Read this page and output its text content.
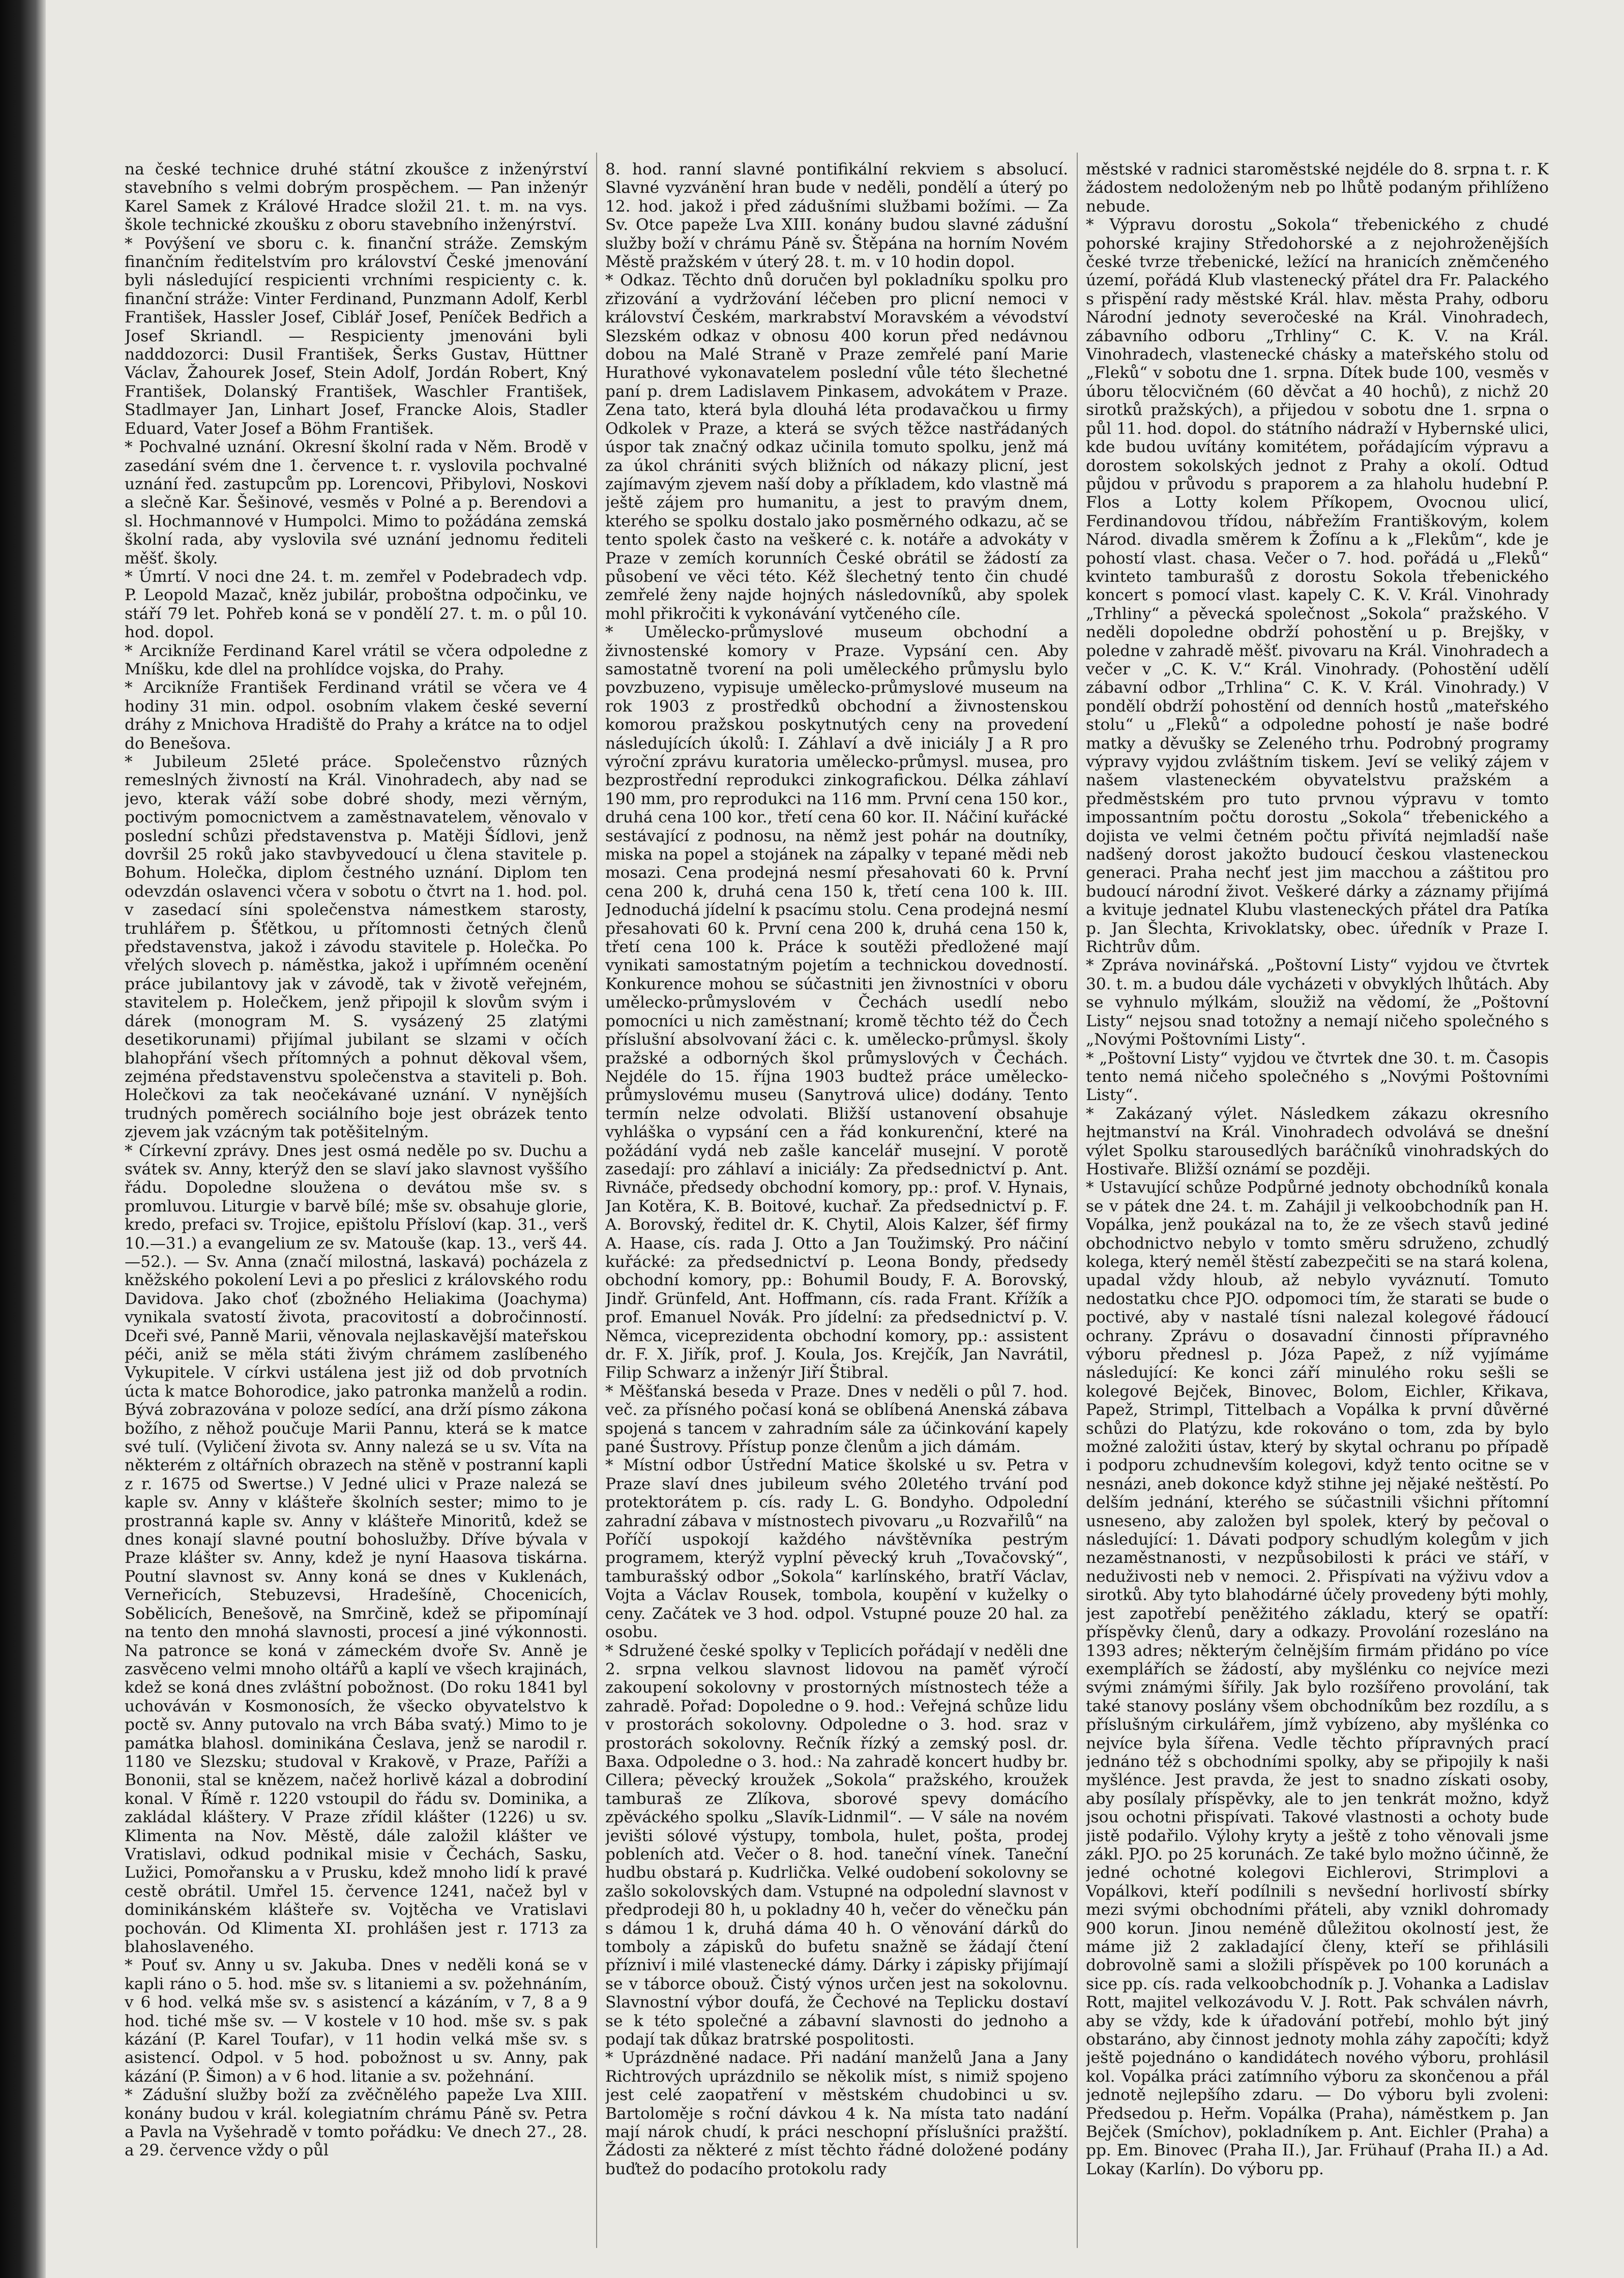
na české technice druhé státní zkoušce z inženýrství stavebního s velmi dobrým prospěchem. — Pan inženýr Karel Samek z Králové Hradce složil 21. t. m. na vys. škole technické zkoušku z oboru stavebního inženýrství.

* Povýšení ve sboru c. k. finanční stráže. Zemským finančním ředitelstvím pro království České jmenování byli následující respicienti vrchními respicienty c. k. finanční stráže: Vinter Ferdinand, Punzmann Adolf, Kerbl František, Hassler Josef, Ciblář Josef, Peníček Bedřich a Josef Skriandl. — Respicienty jmenováni byli nadddozorci: Dusil František, Šerks Gustav, Hüttner Václav, Žahourek Josef, Stein Adolf, Jordán Robert, Kný František, Dolanský František, Waschler František, Stadlmayer Jan, Linhart Josef, Francke Alois, Stadler Eduard, Vater Josef a Böhm František.

* Pochvalné uznání. Okresní školní rada v Něm. Brodě v zasedání svém dne 1. července t. r. vyslovila pochvalné uznání řed. zastupcům pp. Lorencovi, Přibylovi, Noskovi a slečně Kar. Šešinové, vesměs v Polné a p. Berendovi a sl. Hochmannové v Humpolci. Mimo to požádána zemská školní rada, aby vyslovila své uznání jednomu řediteli měšť. školy.

* Úmrtí. V noci dne 24. t. m. zemřel v Podebradech vdp. P. Leopold Mazač, kněz jubilár, proboštna odpočinku, ve stáří 79 let. Pohřeb koná se v pondělí 27. t. m. o půl 10. hod. dopol.

* Arcikníže Ferdinand Karel vrátil se včera odpoledne z Mníšku, kde dlel na prohlídce vojska, do Prahy.

* Arcikníže František Ferdinand vrátil se včera ve 4 hodiny 31 min. odpol. osobním vlakem české severní dráhy z Mnichova Hradiště do Prahy a krátce na to odjel do Benešova.

* Jubileum 25leté práce. Společenstvo různých remeslných živností na Král. Vinohradech, aby nad se jevo, kterak váží sobe dobré shody, mezi věrným, poctivým pomocnictvem a zaměstnavatelem, věnovalo v poslední schůzi představenstva p. Matěji Šídlovi, jenž dovršil 25 roků jako stavbyvedoucí u člena stavitele p. Bohum. Holečka, diplom čestného uznání. Diplom ten odevzdán oslavenci včera v sobotu o čtvrt na 1. hod. pol. v zasedací síni společenstva námestkem starosty, truhlářem p. Šťětkou, u přítomnosti četných členů představenstva, jakož i závodu stavitele p. Holečka. Po vřelých slovech p. náměstka, jakož i upřímném ocenění práce jubilantovy jak v závodě, tak v životě veřejném, stavitelem p. Holečkem, jenž připojil k slovům svým i dárek (monogram M. S. vysázený 25 zlatými desetikorunami) přijímal jubilant se slzami v očích blahopřání všech přítomných a pohnut děkoval všem, zejména představenstvu společenstva a staviteli p. Boh. Holečkovi za tak neočekávané uznání. V nynějších trudných poměrech sociálního boje jest obrázek tento zjevem jak vzácným tak potěšitelným.

* Církevní zprávy. Dnes jest osmá neděle po sv. Duchu a svátek sv. Anny, kterýž den se slaví jako slavnost vyššího řádu. Dopoledne sloužena o devátou mše sv. s promluvou. Liturgie v barvě bílé; mše sv. obsahuje glorie, kredo, prefaci sv. Trojice, epištolu Přísloví (kap. 31., verš 10.—31.) a evangelium ze sv. Matouše (kap. 13., verš 44.—52.). — Sv. Anna (značí milostná, laskavá) pocházela z kněžského pokolení Levi a po přeslici z královského rodu Davidova. Jako choť (zbožného Heliakima (Joachyma) vynikala svatostí života, pracovitostí a dobročinností. Dceři své, Panně Marii, věnovala nejlaskavější mateřskou péči, aniž se měla státi živým chrámem zaslíbeného Vykupitele. V církvi ustálena jest již od dob prvotních úcta k matce Bohorodice, jako patronka manželů a rodin. Bývá zobrazována v poloze sedící, ana drží písmo zákona božího, z něhož poučuje Marii Pannu, která se k matce své tulí. (Vyličení života sv. Anny nalezá se u sv. Víta na některém z oltářních obrazech na stěně v postranní kapli z r. 1675 od Swertse.) V Jedné ulici v Praze nalezá se kaple sv. Anny v klášteře školních sester; mimo to je prostranná kaple sv. Anny v klášteře Minoritů, kdež se dnes konají slavné poutní bohoslužby. Dříve bývala v Praze klášter sv. Anny, kdež je nyní Haasova tiskárna. Poutní slavnost sv. Anny koná se dnes v Kuklenách, Verneřicích, Stebuzevsi, Hradešíně, Chocenicích, Sobělicích, Benešově, na Smrčině, kdež se připomínají na tento den mnohá slavnosti, procesí a jiné výkonnosti. Na patronce se koná v zámeckém dvoře Sv. Anně je zasvěceno velmi mnoho oltářů a kaplí ve všech krajinách, kdež se koná dnes zvláštní pobožnost. (Do roku 1841 byl uchováván v Kosmonosích, že všecko obyvatelstvo k poctě sv. Anny putovalo na vrch Bába svatý.) Mimo to je památka blahosl. dominikána Česlava, jenž se narodil r. 1180 ve Slezsku; studoval v Krakově, v Praze, Paříži a Bononii, stal se knězem, načež horlivě kázal a dobrodiní konal. V Římě r. 1220 vstoupil do řádu sv. Dominika, a zakládal kláštery. V Praze zřídil klášter (1226) u sv. Klimenta na Nov. Městě, dále založil klášter ve Vratislavi, odkud podnikal misie v Čechách, Sasku, Lužici, Pomořansku a v Prusku, kdež mnoho lidí k pravé cestě obrátil. Umřel 15. července 1241, načež byl v dominikánském klášteře sv. Vojtěcha ve Vratislavi pochován. Od Klimenta XI. prohlášen jest r. 1713 za blahoslaveného.

* Pouť sv. Anny u sv. Jakuba. Dnes v neděli koná se v kapli ráno o 5. hod. mše sv. s litaniemi a sv. požehnáním, v 6 hod. velká mše sv. s asistencí a kázáním, v 7, 8 a 9 hod. tiché mše sv. — V kostele v 10 hod. mše sv. s pak kázání (P. Karel Toufar), v 11 hodin velká mše sv. s asistencí. Odpol. v 5 hod. pobožnost u sv. Anny, pak kázání (P. Šimon) a v 6 hod. litanie a sv. požehnání.

* Zádušní služby boží za zvěčnělého papeže Lva XIII. konány budou v král. kolegiatním chrámu Páně sv. Petra a Pavla na Vyšehradě v tomto pořádku: Ve dnech 27., 28. a 29. července vždy o půl

8. hod. ranní slavné pontifikální rekviem s absolucí. Slavné vyzvánění hran bude v neděli, pondělí a úterý po 12. hod. jakož i před zádušními službami božími. — Za Sv. Otce papeže Lva XIII. konány budou slavné zádušní služby boží v chrámu Páně sv. Štěpána na horním Novém Městě pražském v úterý 28. t. m. v 10 hodin dopol.

* Odkaz. Těchto dnů doručen byl pokladníku spolku pro zřizování a vydržování léčeben pro plicní nemoci v království Českém, markrabství Moravském a vévodství Slezském odkaz v obnosu 400 korun před nedávnou dobou na Malé Straně v Praze zemřelé paní Marie Hurathové vykonavatelem poslední vůle této šlechetné paní p. drem Ladislavem Pinkasem, advokátem v Praze. Zena tato, která byla dlouhá léta prodavačkou u firmy Odkolek v Praze, a která se svých těžce nastřádaných úspor tak značný odkaz učinila tomuto spolku, jenž má za úkol chrániti svých bližních od nákazy plicní, jest zajímavým zjevem naší doby a příkladem, kdo vlastně má ještě zájem pro humanitu, a jest to pravým dnem, kterého se spolku dostalo jako posměrného odkazu, ač se tento spolek často na veškeré c. k. notáře a advokáty v Praze v zemích korunních České obrátil se žádostí za působení ve věci této. Kéž šlechetný tento čin chudé zemřelé ženy najde hojných následovníků, aby spolek mohl přikročiti k vykonávání vytčeného cíle.

* Umělecko-průmyslové museum obchodní a živnostenské komory v Praze. Vypsání cen. Aby samostatně tvorení na poli uměleckého průmyslu bylo povzbuzeno, vypisuje umělecko-průmyslové museum na rok 1903 z prostředků obchodní a živnostenskou komorou pražskou poskytnutých ceny na provedení následujících úkolů: I. Záhlaví a dvě iniciály J a R pro výroční zprávu kuratoria umělecko-průmysl. musea, pro bezprostřední reprodukci zinkografickou. Délka záhlaví 190 mm, pro reprodukci na 116 mm. První cena 150 kor., druhá cena 100 kor., třetí cena 60 kor. II. Náčiní kuřácké sestávající z podnosu, na němž jest pohár na doutníky, miska na popel a stojánek na zápalky v tepané mědi neb mosazi. Cena prodejná nesmí přesahovati 60 k. První cena 200 k, druhá cena 150 k, třetí cena 100 k. III. Jednoduchá jídelní k psacímu stolu. Cena prodejná nesmí přesahovati 60 k. První cena 200 k, druhá cena 150 k, třetí cena 100 k. Práce k soutěži předložené mají vynikati samostatným pojetím a technickou dovedností. Konkurence mohou se súčastniti jen živnostníci v oboru umělecko-průmyslovém v Čechách usedlí nebo pomocníci u nich zaměstnaní; kromě těchto též do Čech příslušní absolvovaní žáci c. k. umělecko-průmysl. školy pražské a odborných škol průmyslových v Čechách. Nejdéle do 15. října 1903 budtež práce umělecko-průmyslovému museu (Sanytrová ulice) dodány. Tento termín nelze odvolati. Bližší ustanovení obsahuje vyhláška o vypsání cen a řád konkurenční, které na požádání vydá neb zašle kancelář musejní. V porotě zasedají: pro záhlaví a iniciály: Za předsednictví p. Ant. Rivnáče, předsedy obchodní komory, pp.: prof. V. Hynais, Jan Kotěra, K. B. Boitové, kuchař. Za předsednictví p. F. A. Borovský, ředitel dr. K. Chytil, Alois Kalzer, šéf firmy A. Haase, cís. rada J. Otto a Jan Toužimský. Pro náčiní kuřácké: za předsednictví p. Leona Bondy, předsedy obchodní komory, pp.: Bohumil Boudy, F. A. Borovský, Jindř. Grünfeld, Ant. Hoffmann, cís. rada Frant. Křížík a prof. Emanuel Novák. Pro jídelní: za předsednictví p. V. Němca, viceprezidenta obchodní komory, pp.: assistent dr. F. X. Jiřík, prof. J. Koula, Jos. Krejčík, Jan Navrátil, Filip Schwarz a inženýr Jiří Štibral.

* Měšťanská beseda v Praze. Dnes v neděli o půl 7. hod. več. za přísného počasí koná se oblíbená Anenská zábava spojená s tancem v zahradním sále za účinkování kapely pané Šustrovy. Přístup ponze členům a jich dámám.

* Místní odbor Ústřední Matice školské u sv. Petra v Praze slaví dnes jubileum svého 20letého trvání pod protektorátem p. cís. rady L. G. Bondyho. Odpolední zahradní zábava v místnostech pivovaru „u Rozvařilů“ na Poříčí uspokojí každého návštěvníka pestrým programem, kterýž vyplní pěvecký kruh „Tovačovský“, tamburašský odbor „Sokola“ karlínského, bratří Václav, Vojta a Václav Rousek, tombola, koupění v kuželky o ceny. Začátek ve 3 hod. odpol. Vstupné pouze 20 hal. za osobu.

* Sdružené české spolky v Teplicích pořádají v neděli dne 2. srpna velkou slavnost lidovou na paměť výročí zakoupení sokolovny v prostorných místnostech téže a zahradě. Pořad: Dopoledne o 9. hod.: Veřejná schůze lidu v prostorách sokolovny. Odpoledne o 3. hod. sraz v prostorách sokolovny. Rečník řízký a zemský posl. dr. Baxa. Odpoledne o 3. hod.: Na zahradě koncert hudby br. Cillera; pěvecký kroužek „Sokola“ pražského, kroužek tamburaš ze Zlíkova, sborové spevy domácího zpěváckého spolku „Slavík-Lidnmil“. — V sále na novém jevišti sólové výstupy, tombola, hulet, pošta, prodej pobleních atd. Večer o 8. hod. taneční vínek. Taneční hudbu obstará p. Kudrlička. Velké oudobení sokolovny se zašlo sokolovských dam. Vstupné na odpolední slavnost v předprodeji 80 h, u pokladny 40 h, večer do věnečku pán s dámou 1 k, druhá dáma 40 h. O věnování dárků do tomboly a zápisků do bufetu snažně se žádají čtení přízniví i milé vlastenecké dámy. Dárky i zápisky přijímají se v táborce obouž. Čistý výnos určen jest na sokolovnu. Slavnostní výbor doufá, že Čechové na Teplicku dostaví se k této společné a zábavní slavnosti do jednoho a podají tak důkaz bratrské pospolitosti.

* Uprázdněné nadace. Při nadání manželů Jana a Jany Richtrových uprázdnilo se několik míst, s nimiž spojeno jest celé zaopatření v městském chudobinci u sv. Bartoloměje s roční dávkou 4 k. Na místa tato nadání mají nárok chudí, k práci neschopní příslušníci pražští. Žádosti za některé z míst těchto řádné doložené podány buďtež do podacího protokolu rady

městské v radnici staroměstské nejdéle do 8. srpna t. r. K žádostem nedoloženým neb po lhůtě podaným přihlíženo nebude.

* Výpravu dorostu „Sokola“ třebenického z chudé pohorské krajiny Středohorské a z nejohroženějších české tvrze třebenické, ležící na hranicích zněmčeného území, pořádá Klub vlastenecký přátel dra Fr. Palackého s přispění rady městské Král. hlav. města Prahy, odboru Národní jednoty severočeské na Král. Vinohradech, zábavního odboru „Trhliny“ C. K. V. na Král. Vinohradech, vlastenecké chásky a mateřského stolu od „Fleků“ v sobotu dne 1. srpna. Dítek bude 100, vesměs v úboru tělocvičném (60 děvčat a 40 hochů), z nichž 20 sirotků pražských), a přijedou v sobotu dne 1. srpna o půl 11. hod. dopol. do státního nádraží v Hybernské ulici, kde budou uvítány komitétem, pořádajícím výpravu a dorostem sokolských jednot z Prahy a okolí. Odtud půjdou v průvodu s praporem a za hlaholu hudební P. Flos a Lotty kolem Příkopem, Ovocnou ulicí, Ferdinandovou třídou, nábřežím Františkovým, kolem Národ. divadla směrem k Žofínu a k „Flekům“, kde je pohostí vlast. chasa. Večer o 7. hod. pořádá u „Fleků“ kvinteto tamburašů z dorostu Sokola třebenického koncert s pomocí vlast. kapely C. K. V. Král. Vinohrady „Trhliny“ a pěvecká společnost „Sokola“ pražského. V neděli dopoledne obdrží pohostění u p. Brejšky, v poledne v zahradě měšť. pivovaru na Král. Vinohradech a večer v „C. K. V.“ Král. Vinohrady. (Pohostění udělí zábavní odbor „Trhlina“ C. K. V. Král. Vinohrady.) V pondělí obdrží pohostění od denních hostů „mateřského stolu“ u „Fleků“ a odpoledne pohostí je naše bodré matky a děvušky se Zeleného trhu. Podrobný programy výpravy vyjdou zvláštním tiskem. Jeví se veliký zájem v našem vlasteneckém obyvatelstvu pražském a předměstském pro tuto prvnou výpravu v tomto impossantním počtu dorostu „Sokola“ třebenického a dojista ve velmi četném počtu přivítá nejmladší naše nadšený dorost jakožto budoucí českou vlasteneckou generaci. Praha nechť jest jim macchou a záštitou pro budoucí národní život. Veškeré dárky a záznamy přijímá a kvituje jednatel Klubu vlasteneckých přátel dra Patíka p. Jan Šlechta, Krivoklatsky, obec. úředník v Praze I. Richtrův dům.

* Zpráva novinářská. „Poštovní Listy“ vyjdou ve čtvrtek 30. t. m. a budou dále vycházeti v obvyklých lhůtách. Aby se vyhnulo mýlkám, sloužiž na vědomí, že „Poštovní Listy“ nejsou snad totožny a nemají ničeho společného s „Novými Poštovními Listy“.

* „Poštovní Listy“ vyjdou ve čtvrtek dne 30. t. m. Časopis tento nemá ničeho společného s „Novými Poštovními Listy“.

* Zakázaný výlet. Následkem zákazu okresního hejtmanství na Král. Vinohradech odvolává se dnešní výlet Spolku starousedlých baráčníků vinohradských do Hostivaře. Bližší oznámí se později.

* Ustavující schůze Podpůrné jednoty obchodníků konala se v pátek dne 24. t. m. Zahájil ji velkoobchodník pan H. Vopálka, jenž poukázal na to, že ze všech stavů jediné obchodnictvo nebylo v tomto směru sdruženo, zchudlý kolega, který neměl štěstí zabezpečiti se na stará kolena, upadal vždy hloub, až nebylo vyváznutí. Tomuto nedostatku chce PJO. odpomoci tím, že starati se bude o poctivé, aby v nastalé tísni nalezal kolegové řádoucí ochrany. Zprávu o dosavadní činnosti přípravného výboru přednesl p. Józa Papež, z níž vyjímáme následující: Ke konci září minulého roku sešli se kolegové Bejček, Binovec, Bolom, Eichler, Křikava, Papež, Strimpl, Tittelbach a Vopálka k první důvěrné schůzi do Platýzu, kde rokováno o tom, zda by bylo možné založiti ústav, který by skytal ochranu po případě i podporu zchudnevším kolegovi, když tento ocitne se v nesnázi, aneb dokonce když stihne jej nějaké neštěstí. Po delším jednání, kterého se súčastnili všichni přítomní usneseno, aby založen byl spolek, který by pečoval o následující: 1. Dávati podpory schudlým kolegům v jich nezaměstnanosti, v nezpůsobilosti k práci ve stáří, v neduživosti neb v nemoci. 2. Přispívati na výživu vdov a sirotků. Aby tyto blahodárné účely provedeny býti mohly, jest zapotřebí peněžitého základu, který se opatří: příspěvky členů, dary a odkazy. Provolání rozesláno na 1393 adres; některým čelnějším firmám přidáno po více exemplářích se žádostí, aby myšlénku co nejvíce mezi svými známými šířily. Jak bylo rozšířeno provolání, tak také stanovy poslány všem obchodníkům bez rozdílu, a s příslušným cirkulářem, jímž vybízeno, aby myšlénka co nejvíce byla šířena. Vedle těchto přípravných prací jednáno též s obchodními spolky, aby se připojily k naši myšlénce. Jest pravda, že jest to snadno získati osoby, aby posílaly příspěvky, ale to jen tenkrát možno, když jsou ochotni přispívati. Takové vlastnosti a ochoty bude jistě podařilo. Výlohy kryty a ještě z toho věnovali jsme zákl. PJO. po 25 korunách. Ze také bylo možno účinně, že jedné ochotné kolegovi Eichlerovi, Strimplovi a Vopálkovi, kteří podílnili s nevšední horlivostí sbírky mezi svými obchodními přáteli, aby vznikl dohromady 900 korun. Jinou neméně důležitou okolností jest, že máme již 2 zakladající členy, kteří se přihlásili dobrovolně sami a složili příspěvek po 100 korunách a sice pp. cís. rada velkoobchodník p. J. Vohanka a Ladislav Rott, majitel velkozávodu V. J. Rott. Pak schválen návrh, aby se vždy, kde k úřadování potřebí, mohlo být jiný obstaráno, aby činnost jednoty mohla záhy započíti; když ještě pojednáno o kandidátech nového výboru, prohlásil kol. Vopálka práci zatímního výboru za skončenou a přál jednotě nejlepšího zdaru. — Do výboru byli zvoleni: Předsedou p. Heřm. Vopálka (Praha), náměstkem p. Jan Bejček (Smíchov), pokladníkem p. Ant. Eichler (Praha) a pp. Em. Binovec (Praha II.), Jar. Frühauf (Praha II.) a Ad. Lokay (Karlín). Do výboru pp.
